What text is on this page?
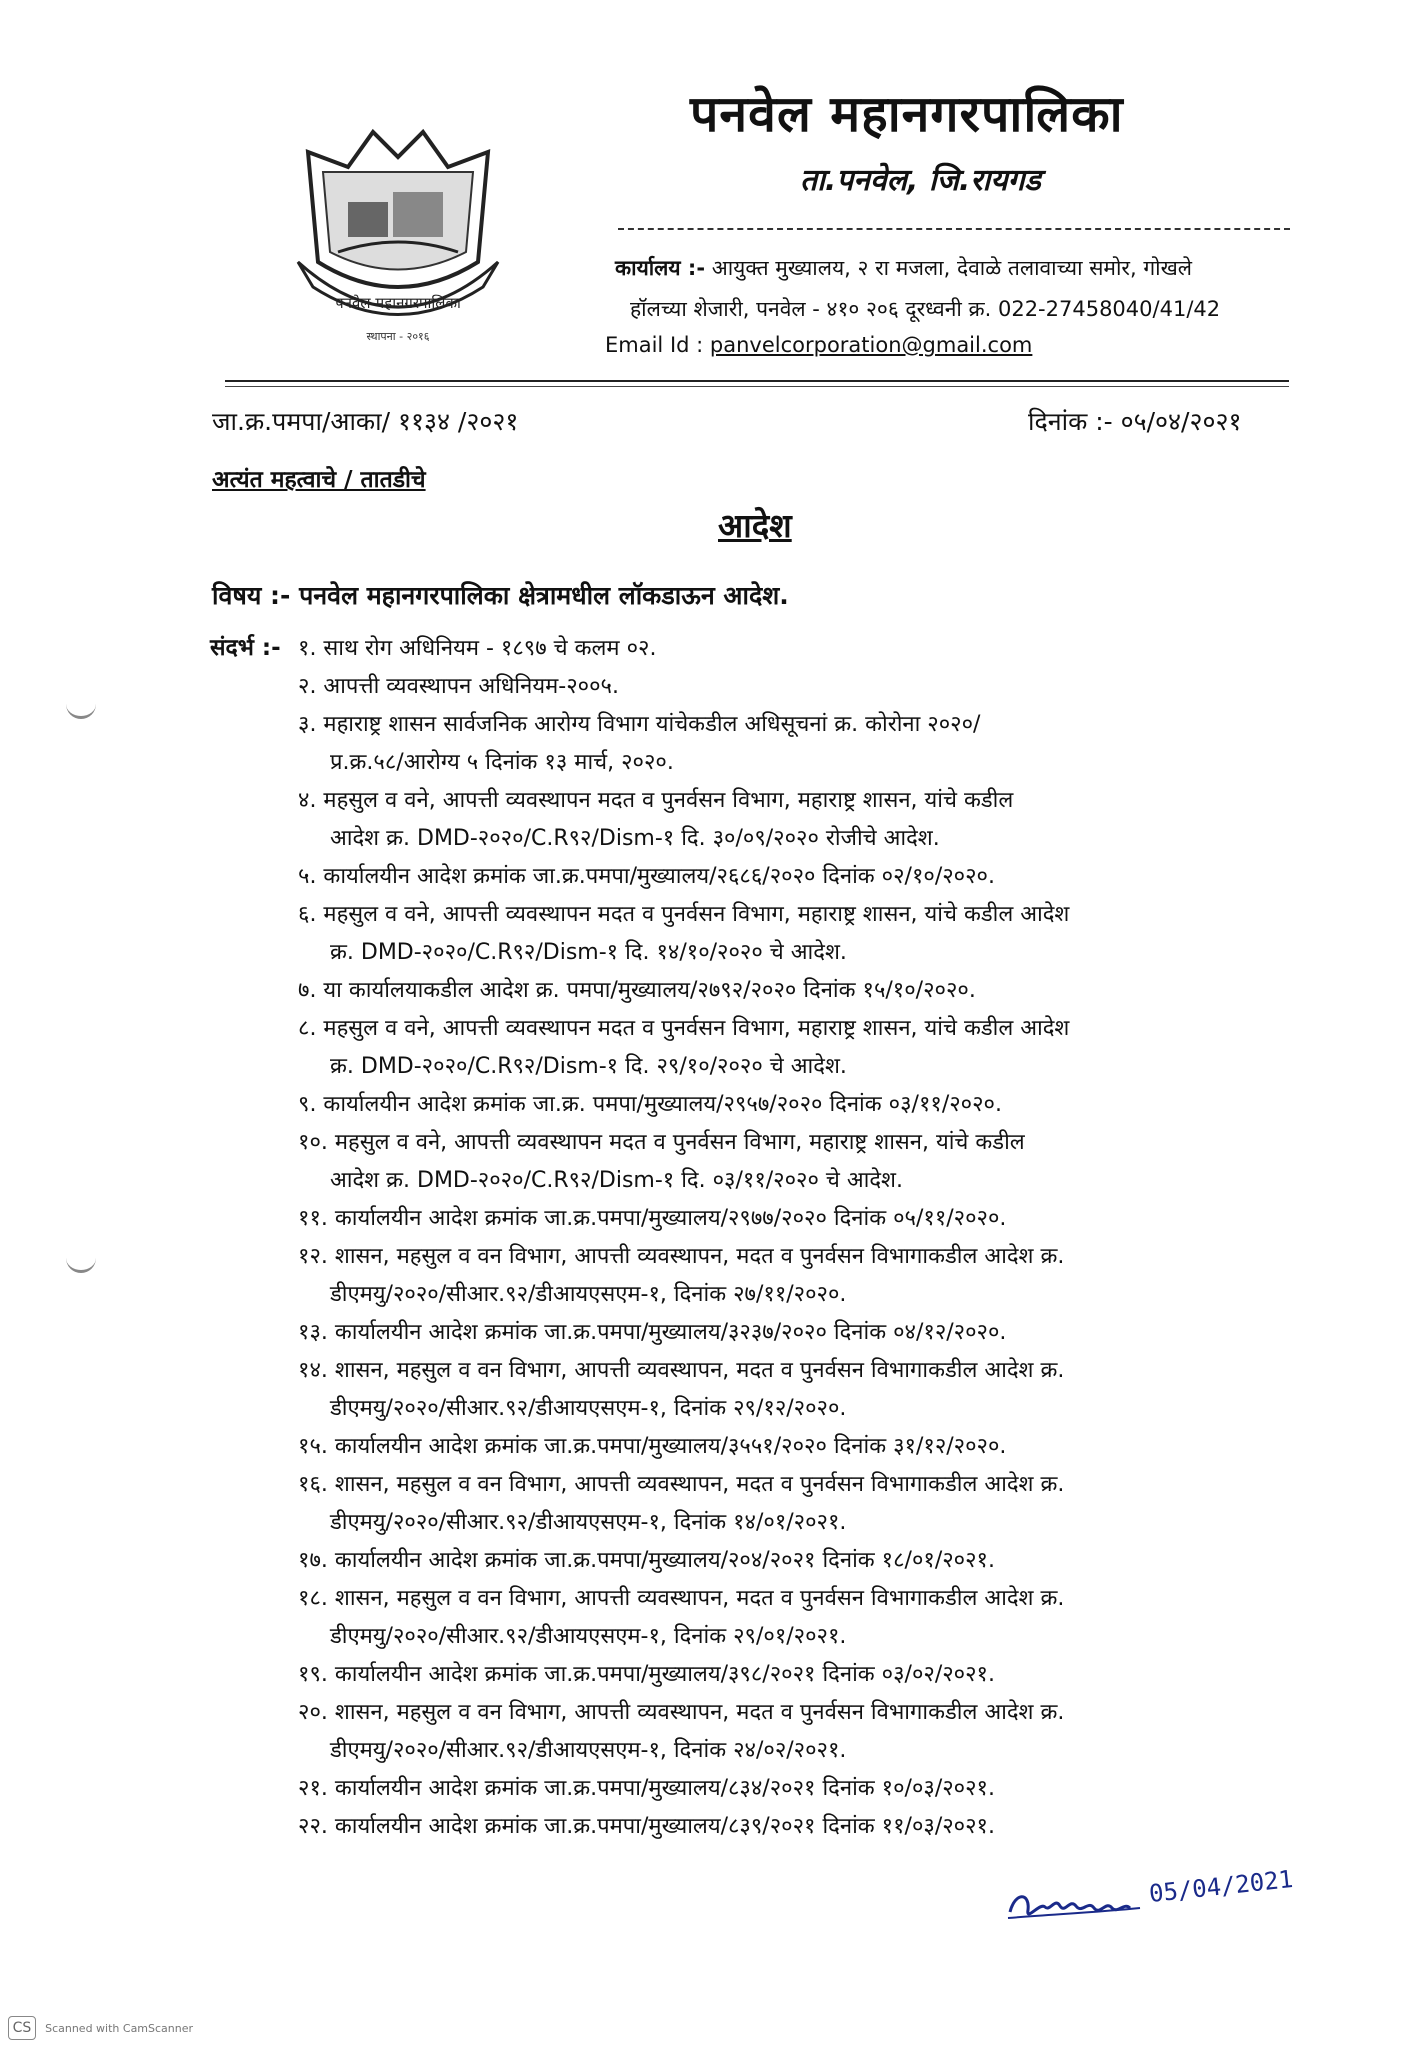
पनवेल महानगरपालिका
स्थापना - २०१६
पनवेल महानगरपालिका
ता.पनवेल, जि.रायगड
कार्यालय :- आयुक्त मुख्यालय, २ रा मजला, देवाळे तलावाच्या समोर, गोखले
हॉलच्या शेजारी, पनवेल - ४१० २०६ दूरध्वनी क्र. 022-27458040/41/42
Email Id : panvelcorporation@gmail.com
जा.क्र.पमपा/आका/ ११३४ /२०२१	दिनांक :- ०५/०४/२०२१
अत्यंत महत्वाचे / तातडीचे
आदेश
विषय :- पनवेल महानगरपालिका क्षेत्रामधील लॉकडाऊन आदेश.
संदर्भ :- १. साथ रोग अधिनियम - १८९७ चे कलम ०२.
२. आपत्ती व्यवस्थापन अधिनियम-२००५.
३. महाराष्ट्र शासन सार्वजनिक आरोग्य विभाग यांचेकडील अधिसूचनां क्र. कोरोना २०२०/
प्र.क्र.५८/आरोग्य ५ दिनांक १३ मार्च, २०२०.
४. महसुल व वने, आपत्ती व्यवस्थापन मदत व पुनर्वसन विभाग, महाराष्ट्र शासन, यांचे कडील
आदेश क्र. DMD-२०२०/C.R९२/Dism-१ दि. ३०/०९/२०२० रोजीचे आदेश.
५. कार्यालयीन आदेश क्रमांक जा.क्र.पमपा/मुख्यालय/२६८६/२०२० दिनांक ०२/१०/२०२०.
६. महसुल व वने, आपत्ती व्यवस्थापन मदत व पुनर्वसन विभाग, महाराष्ट्र शासन, यांचे कडील आदेश
क्र. DMD-२०२०/C.R९२/Dism-१ दि. १४/१०/२०२० चे आदेश.
७. या कार्यालयाकडील आदेश क्र. पमपा/मुख्यालय/२७९२/२०२० दिनांक १५/१०/२०२०.
८. महसुल व वने, आपत्ती व्यवस्थापन मदत व पुनर्वसन विभाग, महाराष्ट्र शासन, यांचे कडील आदेश
क्र. DMD-२०२०/C.R९२/Dism-१ दि. २९/१०/२०२० चे आदेश.
९. कार्यालयीन आदेश क्रमांक जा.क्र. पमपा/मुख्यालय/२९५७/२०२० दिनांक ०३/११/२०२०.
१०. महसुल व वने, आपत्ती व्यवस्थापन मदत व पुनर्वसन विभाग, महाराष्ट्र शासन, यांचे कडील
आदेश क्र. DMD-२०२०/C.R९२/Dism-१ दि. ०३/११/२०२० चे आदेश.
११. कार्यालयीन आदेश क्रमांक जा.क्र.पमपा/मुख्यालय/२९७७/२०२० दिनांक ०५/११/२०२०.
१२. शासन, महसुल व वन विभाग, आपत्ती व्यवस्थापन, मदत व पुनर्वसन विभागाकडील आदेश क्र.
डीएमयु/२०२०/सीआर.९२/डीआयएसएम-१, दिनांक २७/११/२०२०.
१३. कार्यालयीन आदेश क्रमांक जा.क्र.पमपा/मुख्यालय/३२३७/२०२० दिनांक ०४/१२/२०२०.
१४. शासन, महसुल व वन विभाग, आपत्ती व्यवस्थापन, मदत व पुनर्वसन विभागाकडील आदेश क्र.
डीएमयु/२०२०/सीआर.९२/डीआयएसएम-१, दिनांक २९/१२/२०२०.
१५. कार्यालयीन आदेश क्रमांक जा.क्र.पमपा/मुख्यालय/३५५१/२०२० दिनांक ३१/१२/२०२०.
१६. शासन, महसुल व वन विभाग, आपत्ती व्यवस्थापन, मदत व पुनर्वसन विभागाकडील आदेश क्र.
डीएमयु/२०२०/सीआर.९२/डीआयएसएम-१, दिनांक १४/०१/२०२१.
१७. कार्यालयीन आदेश क्रमांक जा.क्र.पमपा/मुख्यालय/२०४/२०२१ दिनांक १८/०१/२०२१.
१८. शासन, महसुल व वन विभाग, आपत्ती व्यवस्थापन, मदत व पुनर्वसन विभागाकडील आदेश क्र.
डीएमयु/२०२०/सीआर.९२/डीआयएसएम-१, दिनांक २९/०१/२०२१.
१९. कार्यालयीन आदेश क्रमांक जा.क्र.पमपा/मुख्यालय/३९८/२०२१ दिनांक ०३/०२/२०२१.
२०. शासन, महसुल व वन विभाग, आपत्ती व्यवस्थापन, मदत व पुनर्वसन विभागाकडील आदेश क्र.
डीएमयु/२०२०/सीआर.९२/डीआयएसएम-१, दिनांक २४/०२/२०२१.
२१. कार्यालयीन आदेश क्रमांक जा.क्र.पमपा/मुख्यालय/८३४/२०२१ दिनांक १०/०३/२०२१.
२२. कार्यालयीन आदेश क्रमांक जा.क्र.पमपा/मुख्यालय/८३९/२०२१ दिनांक ११/०३/२०२१.
05/04/2021
CS Scanned with CamScanner
